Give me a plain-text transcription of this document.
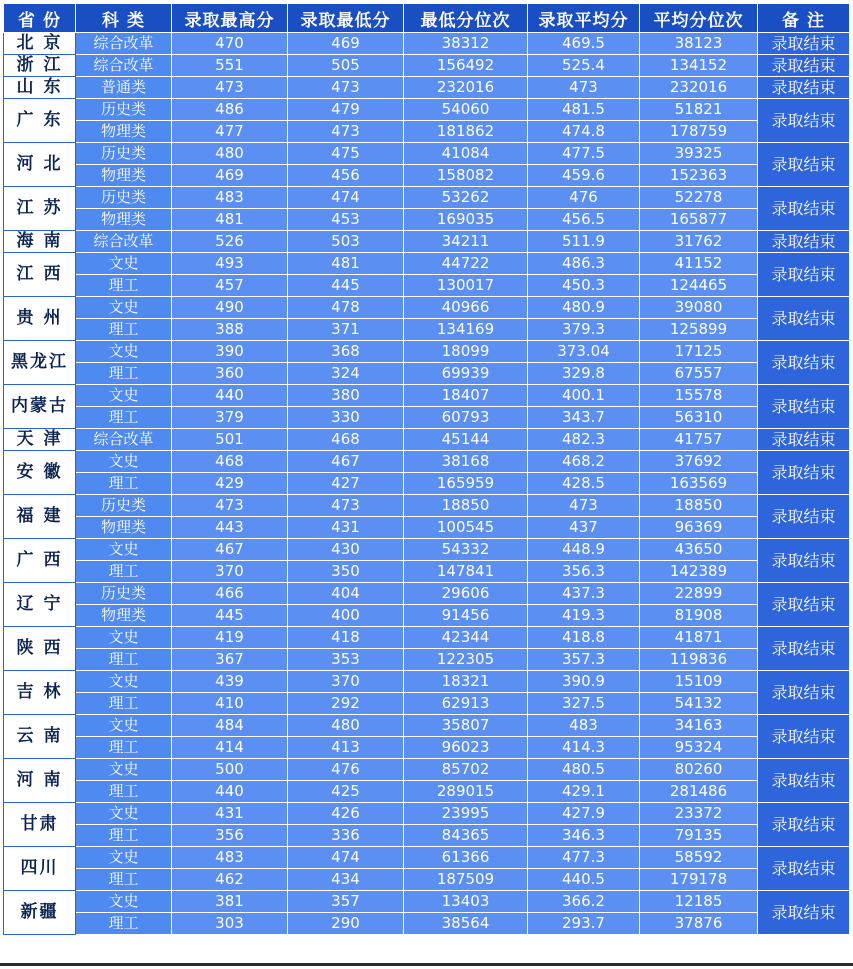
省 份	科 类	录取最高分	录取最低分	最低分位次	录取平均分	平均分位次	备 注
北 京	综合改革	470	469	38312	469.5	38123	录取结束
浙 江	综合改革	551	505	156492	525.4	134152	录取结束
山 东	普通类	473	473	232016	473	232016	录取结束
广 东	历史类	486	479	54060	481.5	51821	录取结束
	物理类	477	473	181862	474.8	178759	
河 北	历史类	480	475	41084	477.5	39325	录取结束
	物理类	469	456	158082	459.6	152363	
江 苏	历史类	483	474	53262	476	52278	录取结束
	物理类	481	453	169035	456.5	165877	
海 南	综合改革	526	503	34211	511.9	31762	录取结束
江 西	文史	493	481	44722	486.3	41152	录取结束
	理工	457	445	130017	450.3	124465	
贵 州	文史	490	478	40966	480.9	39080	录取结束
	理工	388	371	134169	379.3	125899	
黑龙江	文史	390	368	18099	373.04	17125	录取结束
	理工	360	324	69939	329.8	67557	
内蒙古	文史	440	380	18407	400.1	15578	录取结束
	理工	379	330	60793	343.7	56310	
天 津	综合改革	501	468	45144	482.3	41757	录取结束
安 徽	文史	468	467	38168	468.2	37692	录取结束
	理工	429	427	165959	428.5	163569	
福 建	历史类	473	473	18850	473	18850	录取结束
	物理类	443	431	100545	437	96369	
广 西	文史	467	430	54332	448.9	43650	录取结束
	理工	370	350	147841	356.3	142389	
辽 宁	历史类	466	404	29606	437.3	22899	录取结束
	物理类	445	400	91456	419.3	81908	
陕 西	文史	419	418	42344	418.8	41871	录取结束
	理工	367	353	122305	357.3	119836	
吉 林	文史	439	370	18321	390.9	15109	录取结束
	理工	410	292	62913	327.5	54132	
云 南	文史	484	480	35807	483	34163	录取结束
	理工	414	413	96023	414.3	95324	
河 南	文史	500	476	85702	480.5	80260	录取结束
	理工	440	425	289015	429.1	281486	
甘肃	文史	431	426	23995	427.9	23372	录取结束
	理工	356	336	84365	346.3	79135	
四川	文史	483	474	61366	477.3	58592	录取结束
	理工	462	434	187509	440.5	179178	
新疆	文史	381	357	13403	366.2	12185	录取结束
	理工	303	290	38564	293.7	37876	
